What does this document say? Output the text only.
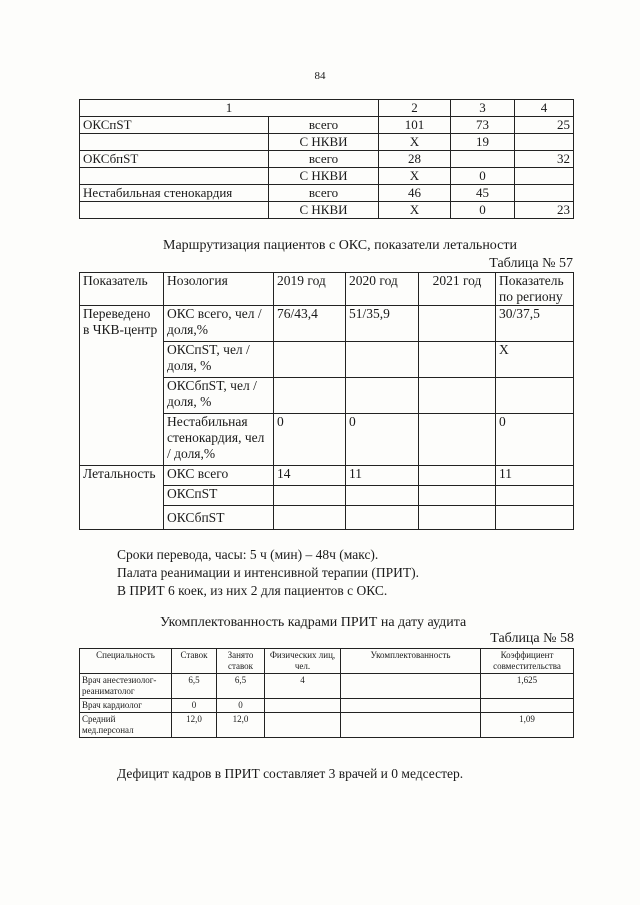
84
1		2	3	4
ОКСпST	всего	101	73	25
	С НКВИ	Х	19	
ОКСбпST	всего	28		32
	С НКВИ	Х	0	
Нестабильная стенокардия	всего	46	45	
	С НКВИ	Х	0	23
Маршрутизация пациентов с ОКС, показатели летальности
Таблица № 57
Показатель	Нозология	2019 год	2020 год	2021 год	Показатель по региону
Переведено в ЧКВ-центр	ОКС всего, чел / доля,%	76/43,4	51/35,9		30/37,5
	ОКСпST, чел / доля, %				Х
	ОКСбпST, чел / доля, %				
	Нестабильная стенокардия, чел / доля,%	0	0		0
Летальность	ОКС всего	14	11		11
	ОКСпST				
	ОКСбпST				
Сроки перевода, часы: 5 ч (мин) – 48ч (макс).
Палата реанимации и интенсивной терапии (ПРИТ).
В ПРИТ 6 коек, из них 2 для пациентов с ОКС.
Укомплектованность кадрами ПРИТ на дату аудита
Таблица № 58
Специальность	Ставок	Занято ставок	Физических лиц, чел.	Укомплектованность	Коэффициент совместительства
Врач анестезиолог-реаниматолог	6,5	6,5	4		1,625
Врач кардиолог	0	0			
Средний мед.персонал	12,0	12,0			1,09
Дефицит кадров в ПРИТ составляет 3 врачей и 0 медсестер.
